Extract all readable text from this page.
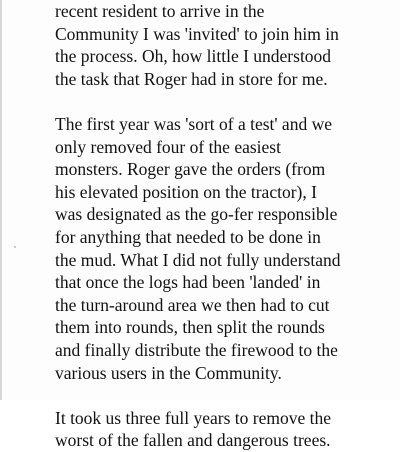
recent resident to arrive in the
Community I was 'invited' to join him in
the process. Oh, how little I understood
the task that Roger had in store for me.

The first year was 'sort of a test' and we
only removed four of the easiest
monsters. Roger gave the orders (from
his elevated position on the tractor), I
was designated as the go-fer responsible
for anything that needed to be done in
the mud. What I did not fully understand
that once the logs had been 'landed' in
the turn-around area we then had to cut
them into rounds, then split the rounds
and finally distribute the firewood to the
various users in the Community.

It took us three full years to remove the
worst of the fallen and dangerous trees.
